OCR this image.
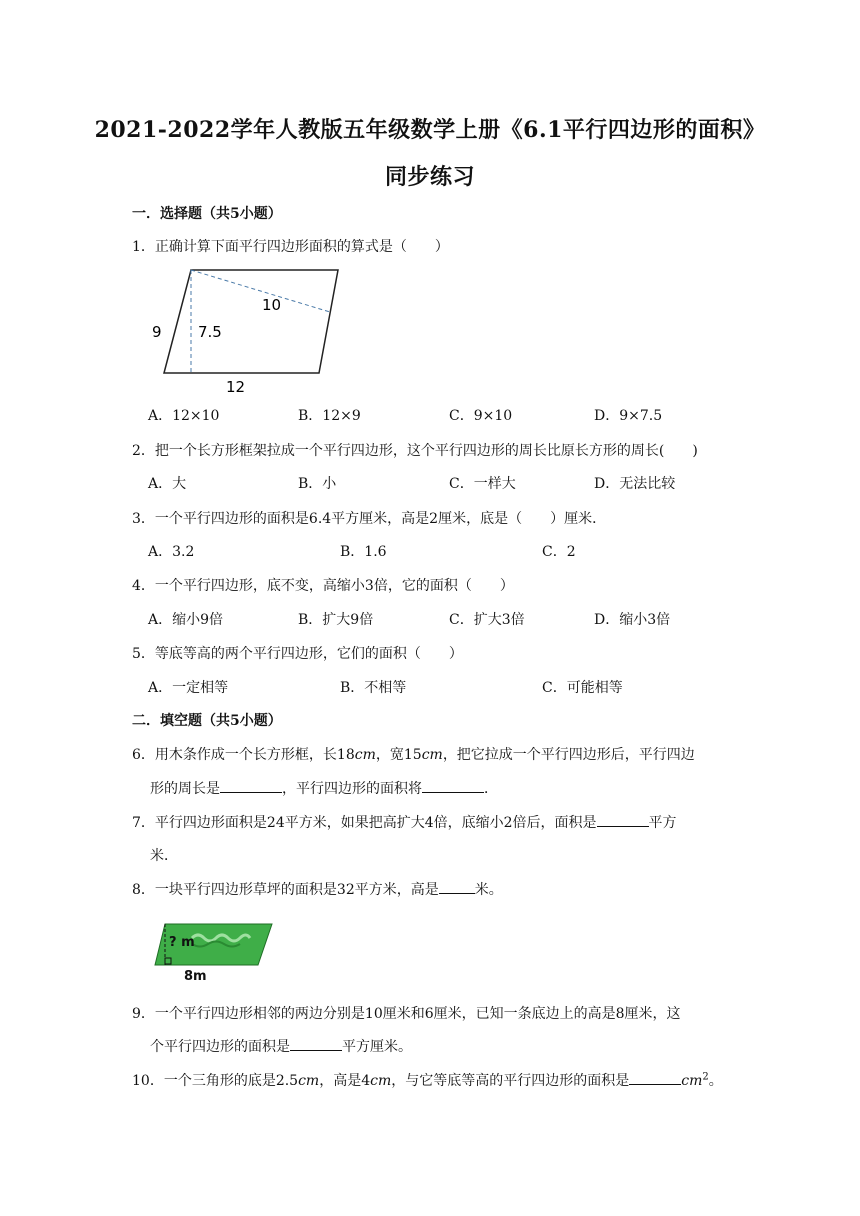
2021-2022学年人教版五年级数学上册《6.1平行四边形的面积》
同步练习
一．选择题（共5小题）
1．正确计算下面平行四边形面积的算式是（　　）
10
9 7.5
12
A．12×10	B．12×9	C．9×10	D．9×7.5
2．把一个长方形框架拉成一个平行四边形，这个平行四边形的周长比原长方形的周长(　　)
A．大	B．小	C．一样大	D．无法比较
3．一个平行四边形的面积是6.4平方厘米，高是2厘米，底是（　　）厘米．
A．3.2	B．1.6	C．2
4．一个平行四边形，底不变，高缩小3倍，它的面积（　　）
A．缩小9倍	B．扩大9倍	C．扩大3倍	D．缩小3倍
5．等底等高的两个平行四边形，它们的面积（　　）
A．一定相等	B．不相等	C．可能相等
二．填空题（共5小题）
6．用木条作成一个长方形框，长18cm，宽15cm，把它拉成一个平行四边形后，平行四边
形的周长是	，平行四边形的面积将	．
7．平行四边形面积是24平方米，如果把高扩大4倍，底缩小2倍后，面积是	平方
米．
8．一块平行四边形草坪的面积是32平方米，高是	米。
? m
8m
9．一个平行四边形相邻的两边分别是10厘米和6厘米，已知一条底边上的高是8厘米，这
个平行四边形的面积是	平方厘米。
10．一个三角形的底是2.5cm，高是4cm，与它等底等高的平行四边形的面积是	$cm^2$。
